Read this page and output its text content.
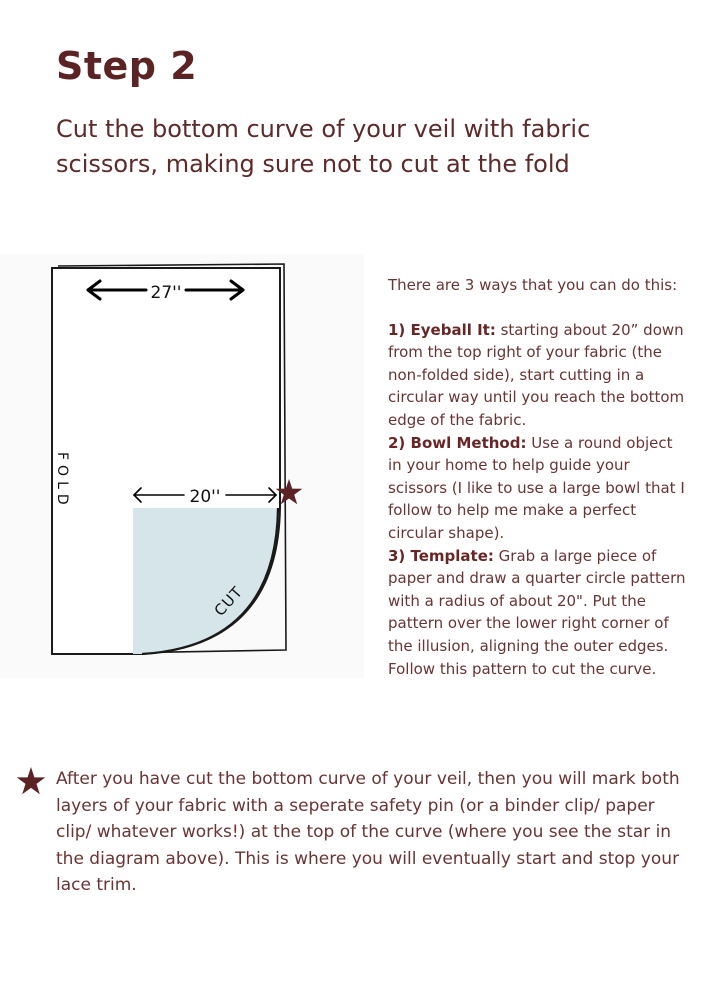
Step 2

Cut the bottom curve of your veil with fabric scissors, making sure not to cut at the fold

27''
20''
FOLD
CUT

There are 3 ways that you can do this:

1) Eyeball It: starting about 20” down from the top right of your fabric (the non-folded side), start cutting in a circular way until you reach the bottom edge of the fabric.

2) Bowl Method: Use a round object in your home to help guide your scissors (I like to use a large bowl that I follow to help me make a perfect circular shape).

3) Template: Grab a large piece of paper and draw a quarter circle pattern with a radius of about 20". Put the pattern over the lower right corner of the illusion, aligning the outer edges. Follow this pattern to cut the curve.

After you have cut the bottom curve of your veil, then you will mark both layers of your fabric with a seperate safety pin (or a binder clip/ paper clip/ whatever works!) at the top of the curve (where you see the star in the diagram above). This is where you will eventually start and stop your lace trim.
